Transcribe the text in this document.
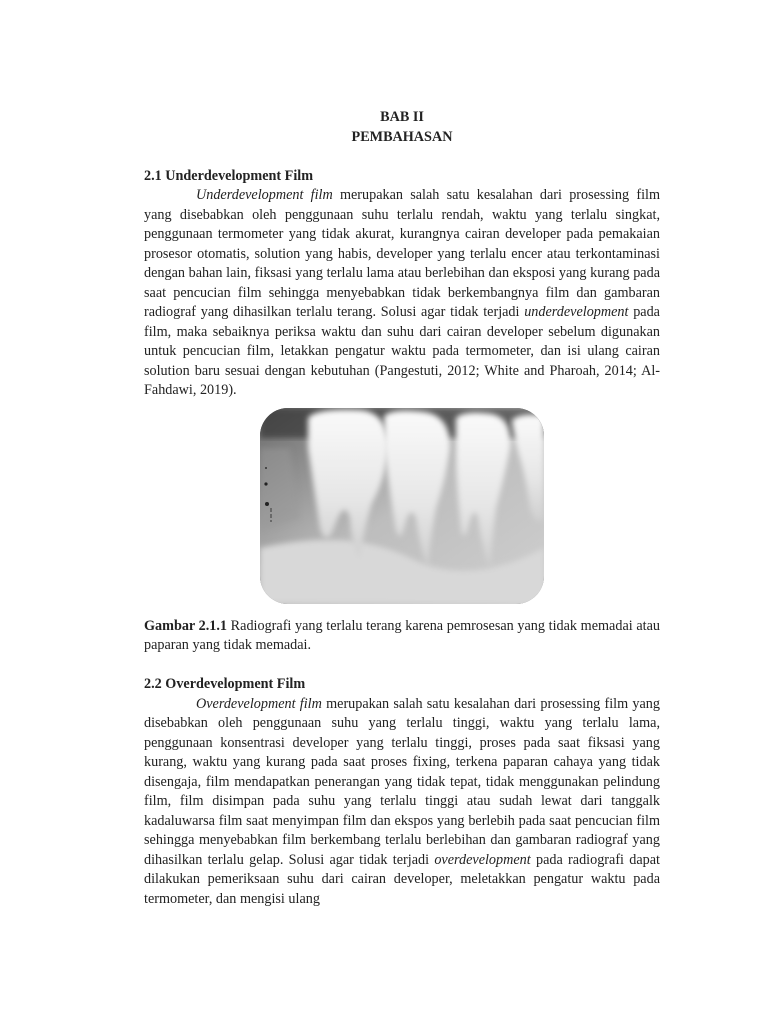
BAB II
PEMBAHASAN
2.1 Underdevelopment Film

Underdevelopment film merupakan salah satu kesalahan dari prosessing film yang disebabkan oleh penggunaan suhu terlalu rendah, waktu yang terlalu singkat, penggunaan termometer yang tidak akurat, kurangnya cairan developer pada pemakaian prosesor otomatis, solution yang habis, developer yang terlalu encer atau terkontaminasi dengan bahan lain, fiksasi yang terlalu lama atau berlebihan dan eksposi yang kurang pada saat pencucian film sehingga menyebabkan tidak berkembangnya film dan gambaran radiograf yang dihasilkan terlalu terang. Solusi agar tidak terjadi underdevelopment pada film, maka sebaiknya periksa waktu dan suhu dari cairan developer sebelum digunakan untuk pencucian film, letakkan pengatur waktu pada termometer, dan isi ulang cairan solution baru sesuai dengan kebutuhan (Pangestuti, 2012; White and Pharoah, 2014; Al-Fahdawi, 2019).

Gambar 2.1.1 Radiografi yang terlalu terang karena pemrosesan yang tidak memadai atau paparan yang tidak memadai.

2.2 Overdevelopment Film

Overdevelopment film merupakan salah satu kesalahan dari prosessing film yang disebabkan oleh penggunaan suhu yang terlalu tinggi, waktu yang terlalu lama, penggunaan konsentrasi developer yang terlalu tinggi, proses pada saat fiksasi yang kurang, waktu yang kurang pada saat proses fixing, terkena paparan cahaya yang tidak disengaja, film mendapatkan penerangan yang tidak tepat, tidak menggunakan pelindung film, film disimpan pada suhu yang terlalu tinggi atau sudah lewat dari tanggalk kadaluwarsa film saat menyimpan film dan ekspos yang berlebih pada saat pencucian film sehingga menyebabkan film berkembang terlalu berlebihan dan gambaran radiograf yang dihasilkan terlalu gelap. Solusi agar tidak terjadi overdevelopment pada radiografi dapat dilakukan pemeriksaan suhu dari cairan developer, meletakkan pengatur waktu pada termometer, dan mengisi ulang
